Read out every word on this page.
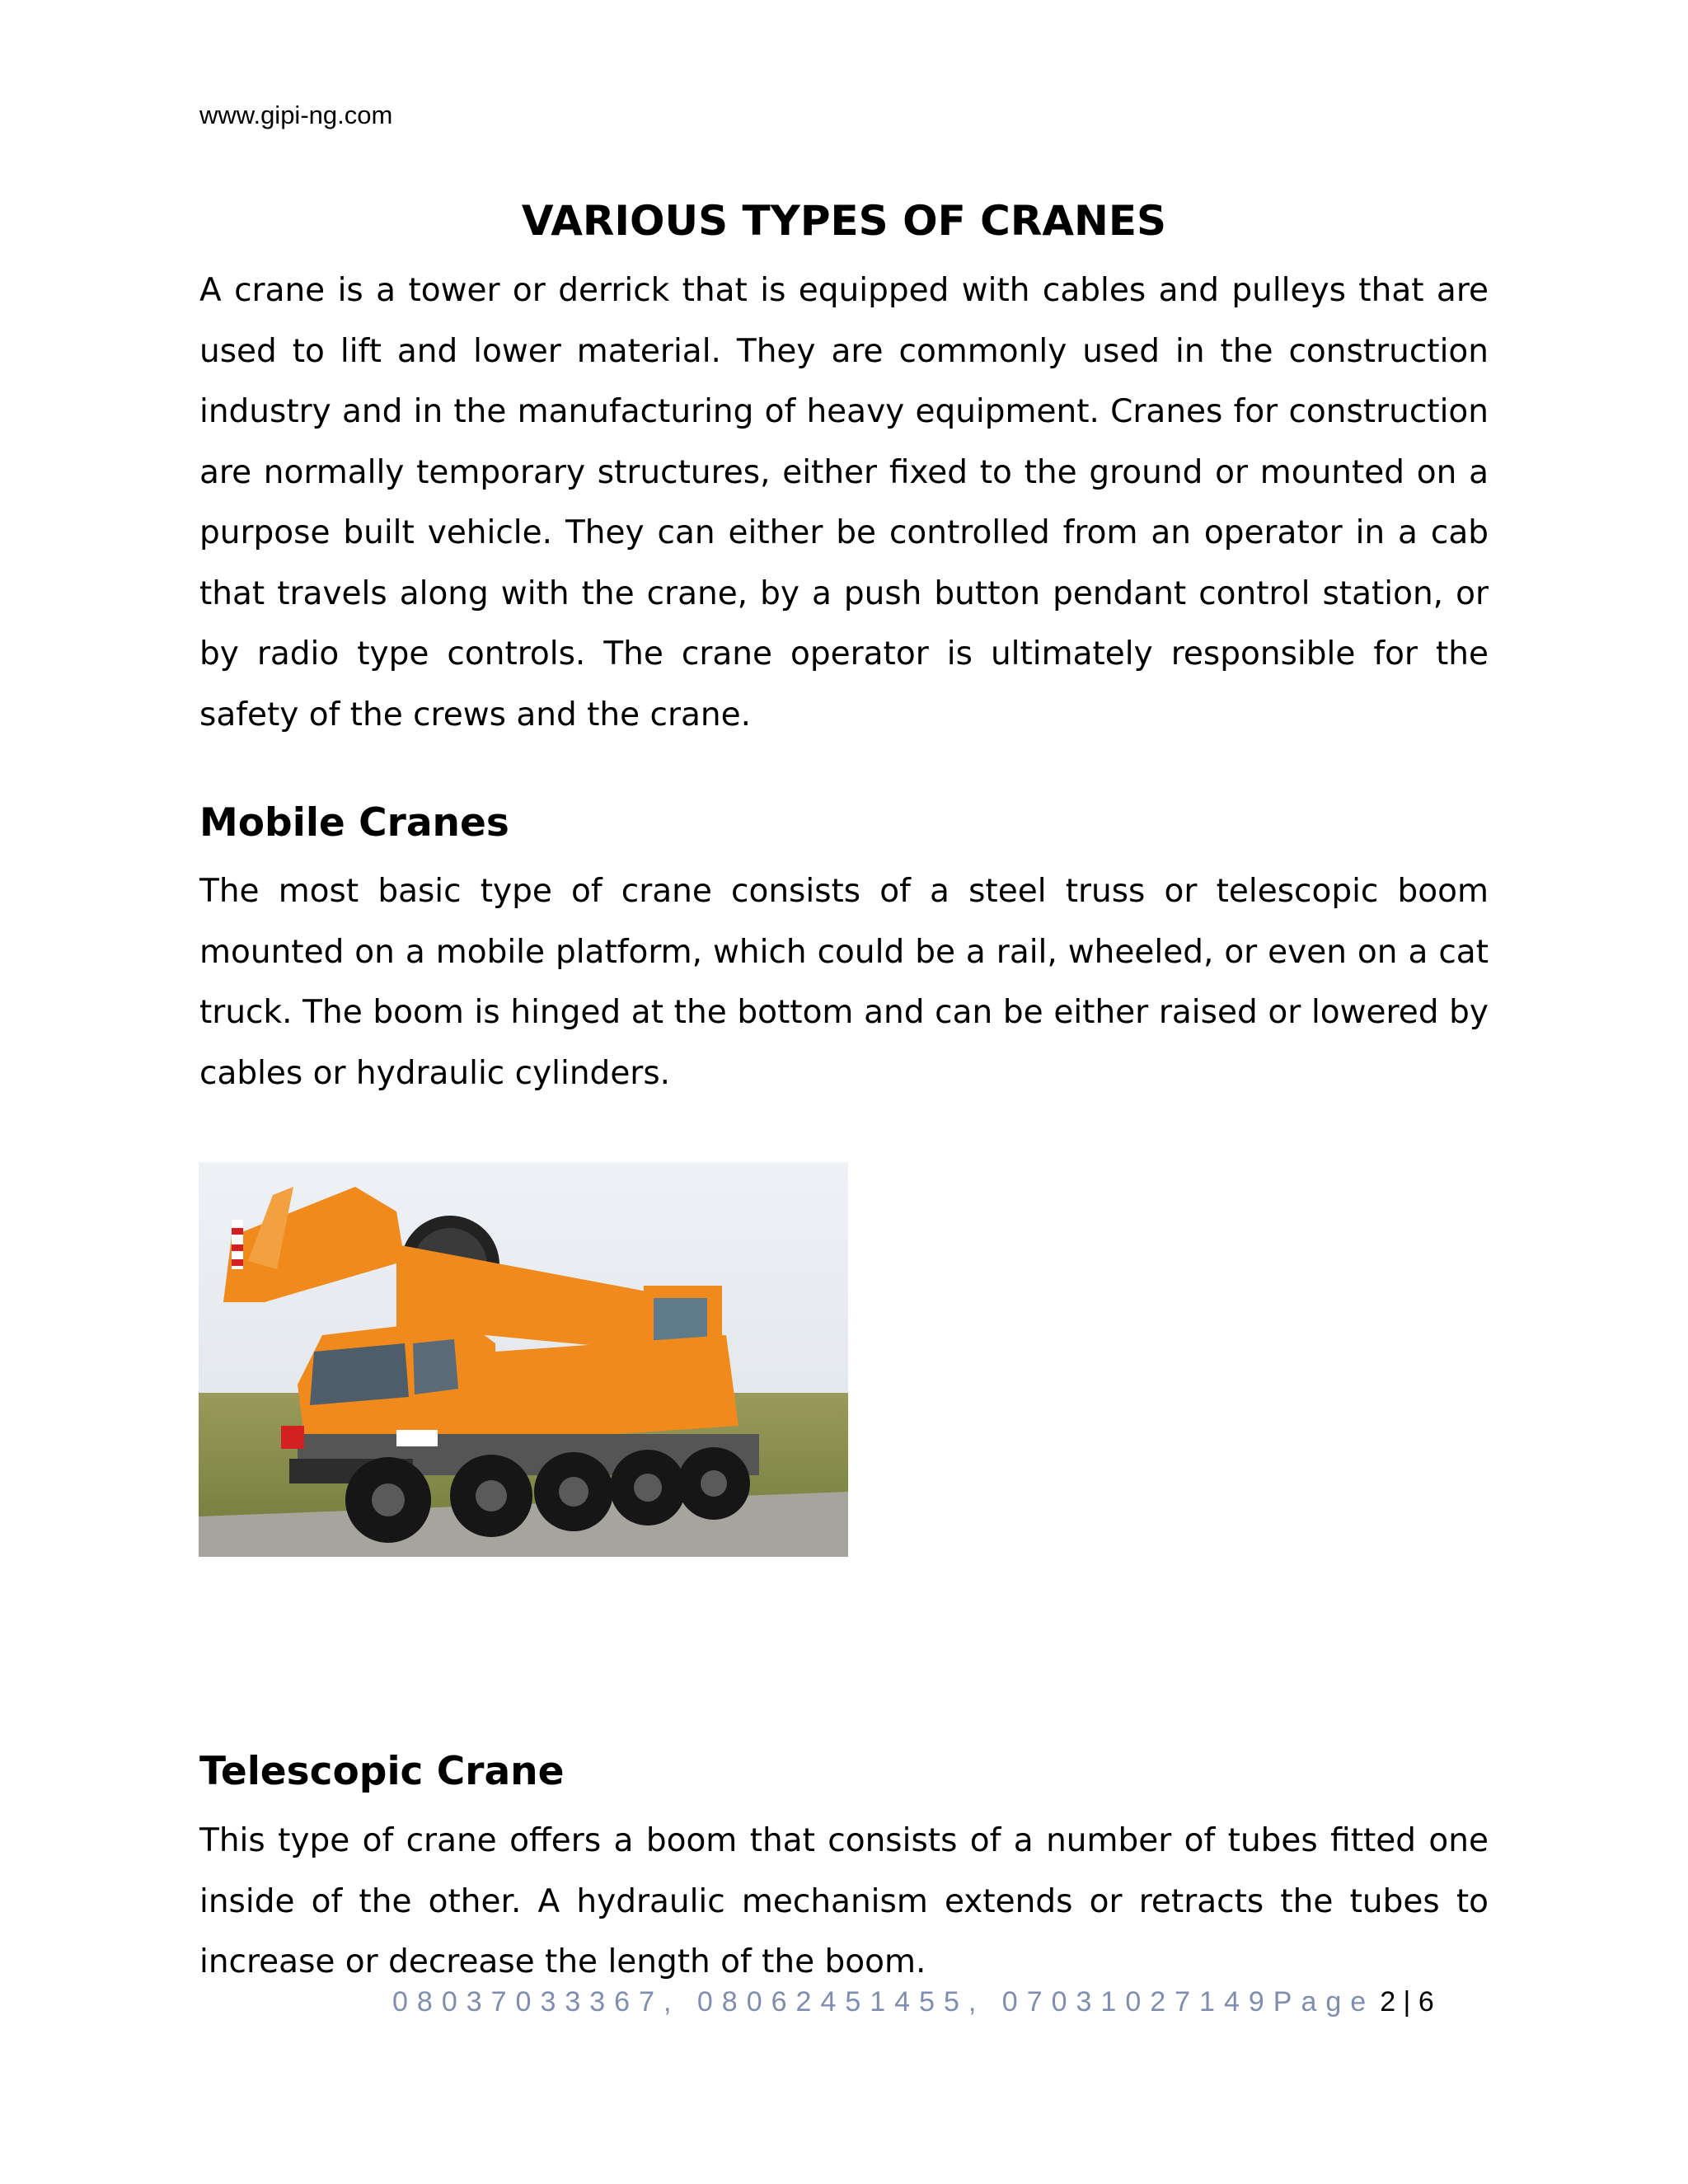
www.gipi-ng.com
VARIOUS TYPES OF CRANES

A crane is a tower or derrick that is equipped with cables and pulleys that are used to lift and lower material. They are commonly used in the construction industry and in the manufacturing of heavy equipment. Cranes for construction are normally temporary structures, either fixed to the ground or mounted on a purpose built vehicle. They can either be controlled from an operator in a cab that travels along with the crane, by a push button pendant control station, or by radio type controls. The crane operator is ultimately responsible for the safety of the crews and the crane.

Mobile Cranes

The most basic type of crane consists of a steel truss or telescopic boom mounted on a mobile platform, which could be a rail, wheeled, or even on a cat truck. The boom is hinged at the bottom and can be either raised or lowered by cables or hydraulic cylinders.

Telescopic Crane

This type of crane offers a boom that consists of a number of tubes fitted one inside of the other. A hydraulic mechanism extends or retracts the tubes to increase or decrease the length of the boom.

08037033367, 08062451455, 07031027149Page 2 | 6
